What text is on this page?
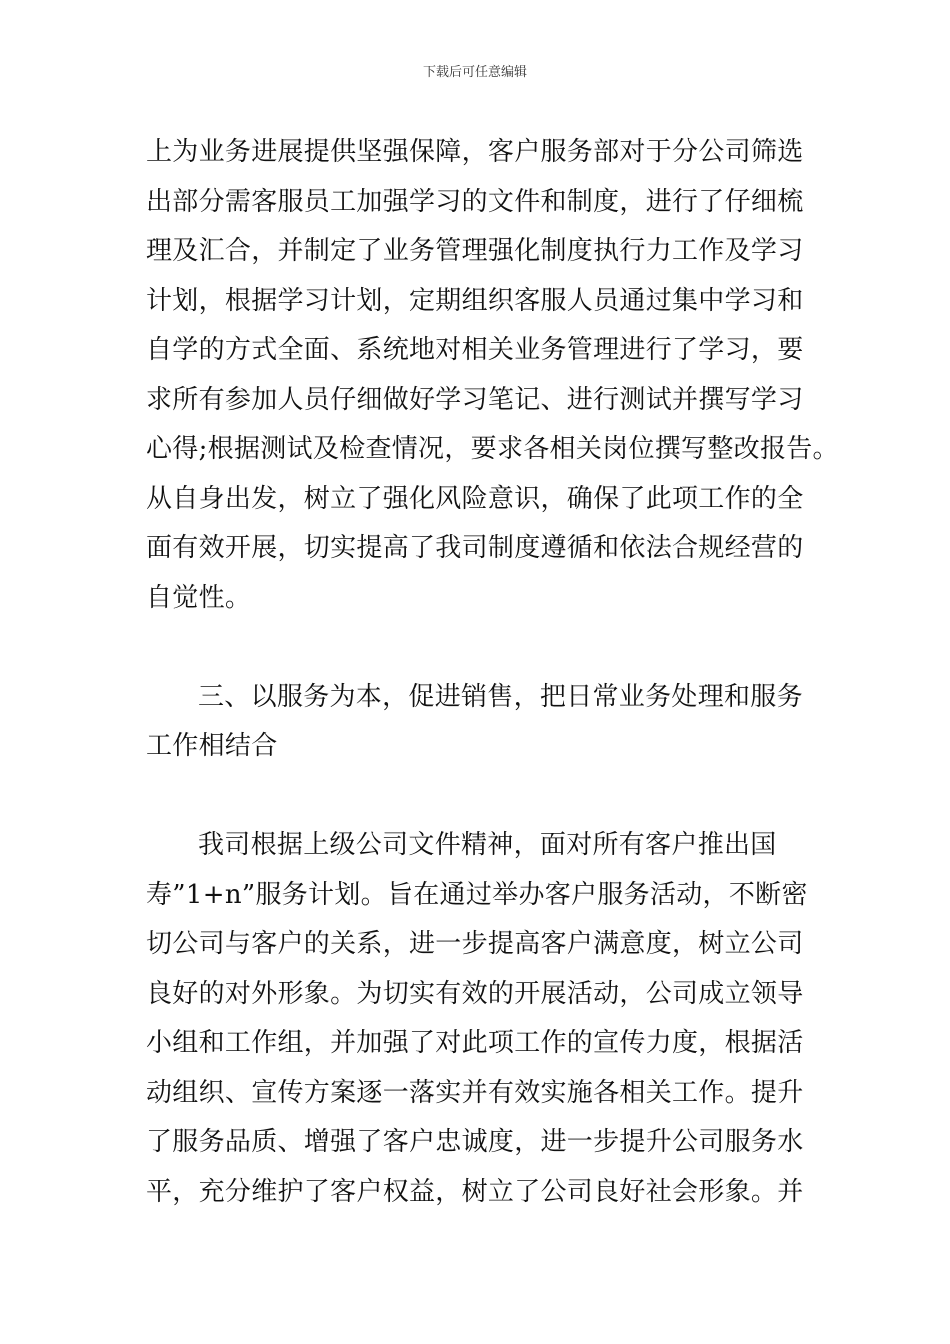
下载后可任意编辑
上为业务进展提供坚强保障，客户服务部对于分公司筛选
出部分需客服员工加强学习的文件和制度，进行了仔细梳
理及汇合，并制定了业务管理强化制度执行力工作及学习
计划，根据学习计划，定期组织客服人员通过集中学习和
自学的方式全面、系统地对相关业务管理进行了学习，要
求所有参加人员仔细做好学习笔记、进行测试并撰写学习
心得;根据测试及检查情况，要求各相关岗位撰写整改报告。
从自身出发，树立了强化风险意识，确保了此项工作的全
面有效开展，切实提高了我司制度遵循和依法合规经营的
自觉性。
三、以服务为本，促进销售，把日常业务处理和服务
工作相结合
我司根据上级公司文件精神，面对所有客户推出国
寿”1+n”服务计划。旨在通过举办客户服务活动，不断密
切公司与客户的关系，进一步提高客户满意度，树立公司
良好的对外形象。为切实有效的开展活动，公司成立领导
小组和工作组，并加强了对此项工作的宣传力度，根据活
动组织、宣传方案逐一落实并有效实施各相关工作。提升
了服务品质、增强了客户忠诚度，进一步提升公司服务水
平，充分维护了客户权益，树立了公司良好社会形象。并
